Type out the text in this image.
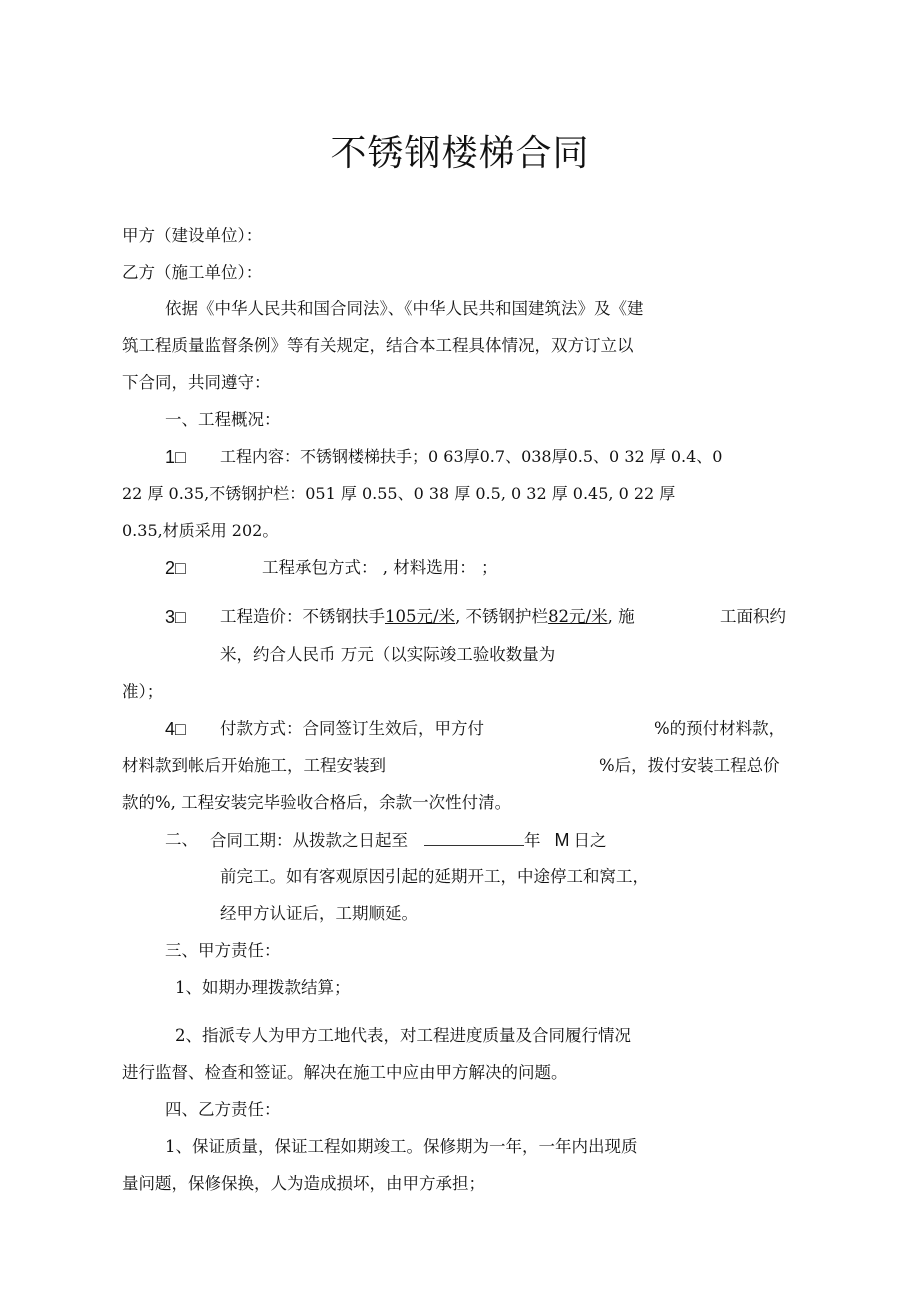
不锈钢楼梯合同
甲方（建设单位）：
乙方（施工单位）：
依据《中华人民共和国合同法》、《中华人民共和国建筑法》及《建
筑工程质量监督条例》等有关规定，结合本工程具体情况，双方订立以
下合同，共同遵守：
一、工程概况：
1□ 工程内容：不锈钢楼梯扶手；0 63厚0.7、038厚0.5、0 32 厚 0.4、0
22 厚 0.35,不锈钢护栏：051 厚 0.55、0 38 厚 0.5, 0 32 厚 0.45, 0 22 厚
0.35,材质采用 202。
2□	工程承包方式： , 材料选用： ；
3□ 工程造价：不锈钢扶手105元/米, 不锈钢护栏82元/米, 施	工面积约
米，约合人民币 万元（以实际竣工验收数量为
准）；
4□ 付款方式：合同签订生效后，甲方付	%的预付材料款，
材料款到帐后开始施工，工程安装到	%后，拨付安装工程总价
款的%, 工程安装完毕验收合格后，余款一次性付清。
二、 合同工期：从拨款之日起至	年 M 日之
前完工。如有客观原因引起的延期开工，中途停工和窝工，
经甲方认证后，工期顺延。
三、甲方责任：
1、如期办理拨款结算；
2、指派专人为甲方工地代表，对工程进度质量及合同履行情况
进行监督、检查和签证。解决在施工中应由甲方解决的问题。
四、乙方责任：
1、保证质量，保证工程如期竣工。保修期为一年，一年内出现质
量问题，保修保换，人为造成损坏，由甲方承担；
